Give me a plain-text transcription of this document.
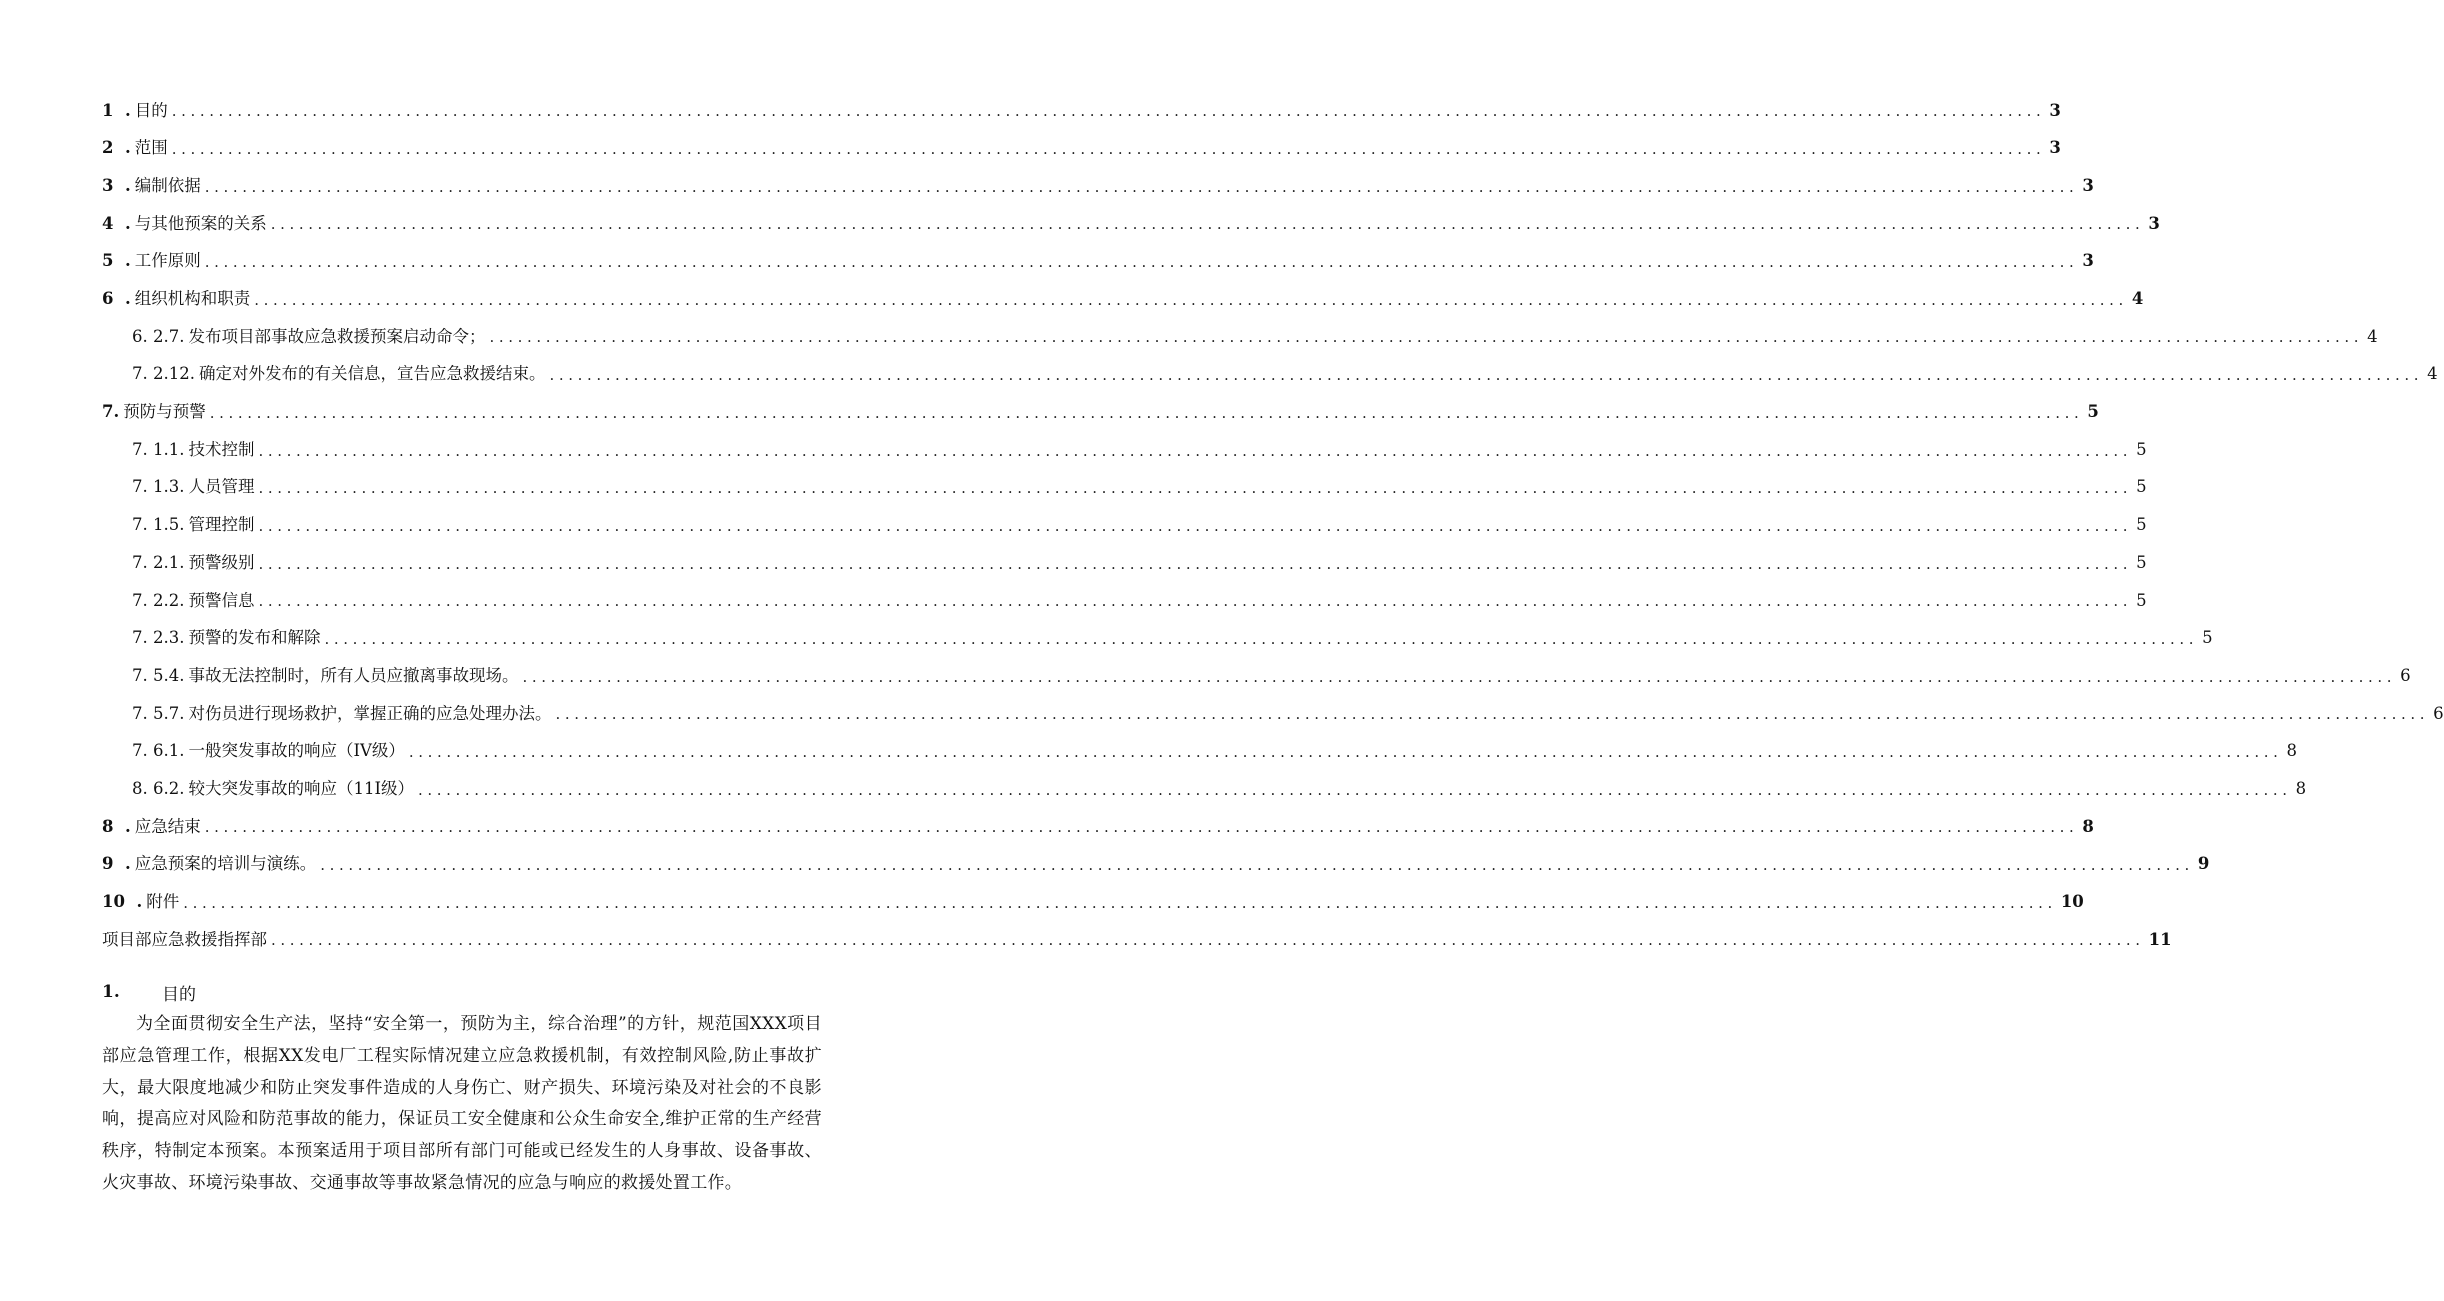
1  . 目的 ........................................................................................................................................................................................................ 3
2  . 范围 ........................................................................................................................................................................................................ 3
3  . 编制依据 ........................................................................................................................................................................................................ 3
4  . 与其他预案的关系 ........................................................................................................................................................................................................ 3
5  . 工作原则 ........................................................................................................................................................................................................ 3
6  . 组织机构和职责 ........................................................................................................................................................................................................ 4
6. 2.7. 发布项目部事故应急救援预案启动命令； ........................................................................................................................................................................................................ 4
7. 2.12. 确定对外发布的有关信息，宣告应急救援结束。 ........................................................................................................................................................................................................ 4
7. 预防与预警 ........................................................................................................................................................................................................ 5
7. 1.1. 技术控制 ........................................................................................................................................................................................................ 5
7. 1.3. 人员管理 ........................................................................................................................................................................................................ 5
7. 1.5. 管理控制 ........................................................................................................................................................................................................ 5
7. 2.1. 预警级别 ........................................................................................................................................................................................................ 5
7. 2.2. 预警信息 ........................................................................................................................................................................................................ 5
7. 2.3. 预警的发布和解除 ........................................................................................................................................................................................................ 5
7. 5.4. 事故无法控制时，所有人员应撤离事故现场。 ........................................................................................................................................................................................................ 6
7. 5.7. 对伤员进行现场救护，掌握正确的应急处理办法。 ........................................................................................................................................................................................................ 6
7. 6.1. 一般突发事故的响应（IV级） ........................................................................................................................................................................................................ 8
8. 6.2. 较大突发事故的响应（11I级） ........................................................................................................................................................................................................ 8
8  . 应急结束 ........................................................................................................................................................................................................ 8
9  . 应急预案的培训与演练。 ........................................................................................................................................................................................................ 9
10  . 附件 ........................................................................................................................................................................................................ 10
项目部应急救援指挥部 ........................................................................................................................................................................................................ 11
1.	目的

为全面贯彻安全生产法，坚持“安全第一，预防为主，综合治理”的方针，规范国XXX项目部应急管理工作，根据XX发电厂工程实际情况建立应急救援机制，有效控制风险,防止事故扩大，最大限度地减少和防止突发事件造成的人身伤亡、财产损失、环境污染及对社会的不良影响，提高应对风险和防范事故的能力，保证员工安全健康和公众生命安全,维护正常的生产经营秩序，特制定本预案。本预案适用于项目部所有部门可能或已经发生的人身事故、设备事故、火灾事故、环境污染事故、交通事故等事故紧急情况的应急与响应的救援处置工作。
